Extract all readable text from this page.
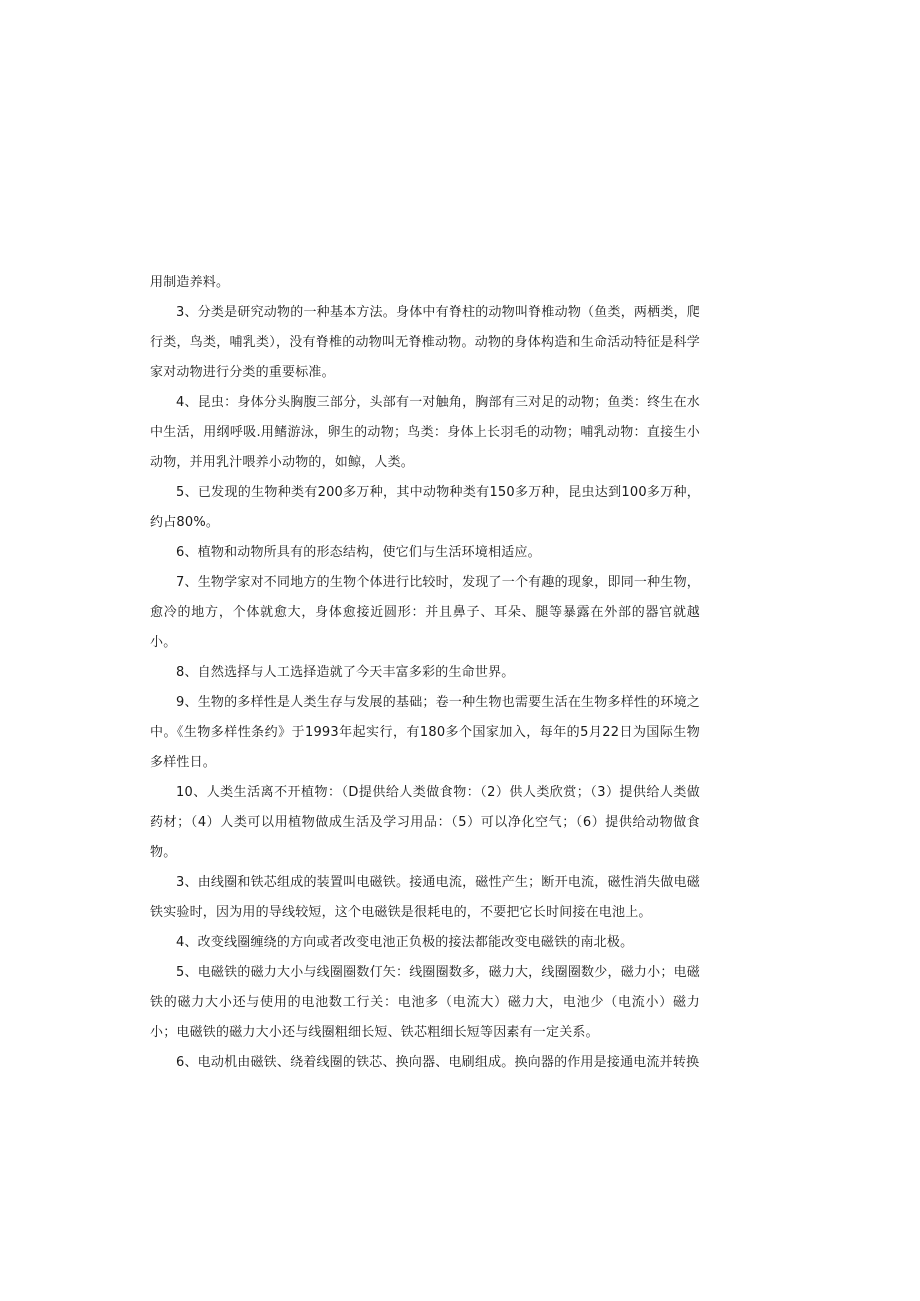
用制造养料。

3、分类是研究动物的一种基本方法。身体中有脊柱的动物叫脊椎动物（鱼类，两栖类，爬行类，鸟类，哺乳类），没有脊椎的动物叫无脊椎动物。动物的身体构造和生命活动特征是科学家对动物进行分类的重要标准。

4、昆虫：身体分头胸腹三部分，头部有一对触角，胸部有三对足的动物；鱼类：终生在水中生活，用纲呼吸.用鳍游泳，卵生的动物；鸟类：身体上长羽毛的动物；哺乳动物：直接生小动物，并用乳汁喂养小动物的，如鲸，人类。

5、已发现的生物种类有200多万种，其中动物种类有150多万种，昆虫达到100多万种，约占80%。

6、植物和动物所具有的形态结构，使它们与生活环境相适应。

7、生物学家对不同地方的生物个体进行比较时，发现了一个有趣的现象，即同一种生物，愈冷的地方，个体就愈大，身体愈接近圆形：并且鼻子、耳朵、腿等暴露在外部的器官就越小。

8、自然选择与人工选择造就了今天丰富多彩的生命世界。

9、生物的多样性是人类生存与发展的基础；卷一种生物也需要生活在生物多样性的环境之中。《生物多样性条约》于1993年起实行，有180多个国家加入，每年的5月22日为国际生物多样性日。

10、人类生活离不开植物：（D提供给人类做食物：（2）供人类欣赏；（3）提供给人类做药材；（4）人类可以用植物做成生活及学习用品：（5）可以净化空气；（6）提供给动物做食物。

3、由线圈和铁芯组成的装置叫电磁铁。接通电流，磁性产生；断开电流，磁性消失做电磁铁实验时，因为用的导线较短，这个电磁铁是很耗电的，不要把它长时间接在电池上。

4、改变线圈缠绕的方向或者改变电池正负极的接法都能改变电磁铁的南北极。

5、电磁铁的磁力大小与线圈圈数仃矢：线圈圈数多，磁力大，线圈圈数少，磁力小；电磁铁的磁力大小还与使用的电池数工行关：电池多（电流大）磁力大，电池少（电流小）磁力小；电磁铁的磁力大小还与线圈粗细长短、铁芯粗细长短等因素有一定关系。

6、电动机由磁铁、绕着线圈的铁芯、换向器、电刷组成。换向器的作用是接通电流并转换
